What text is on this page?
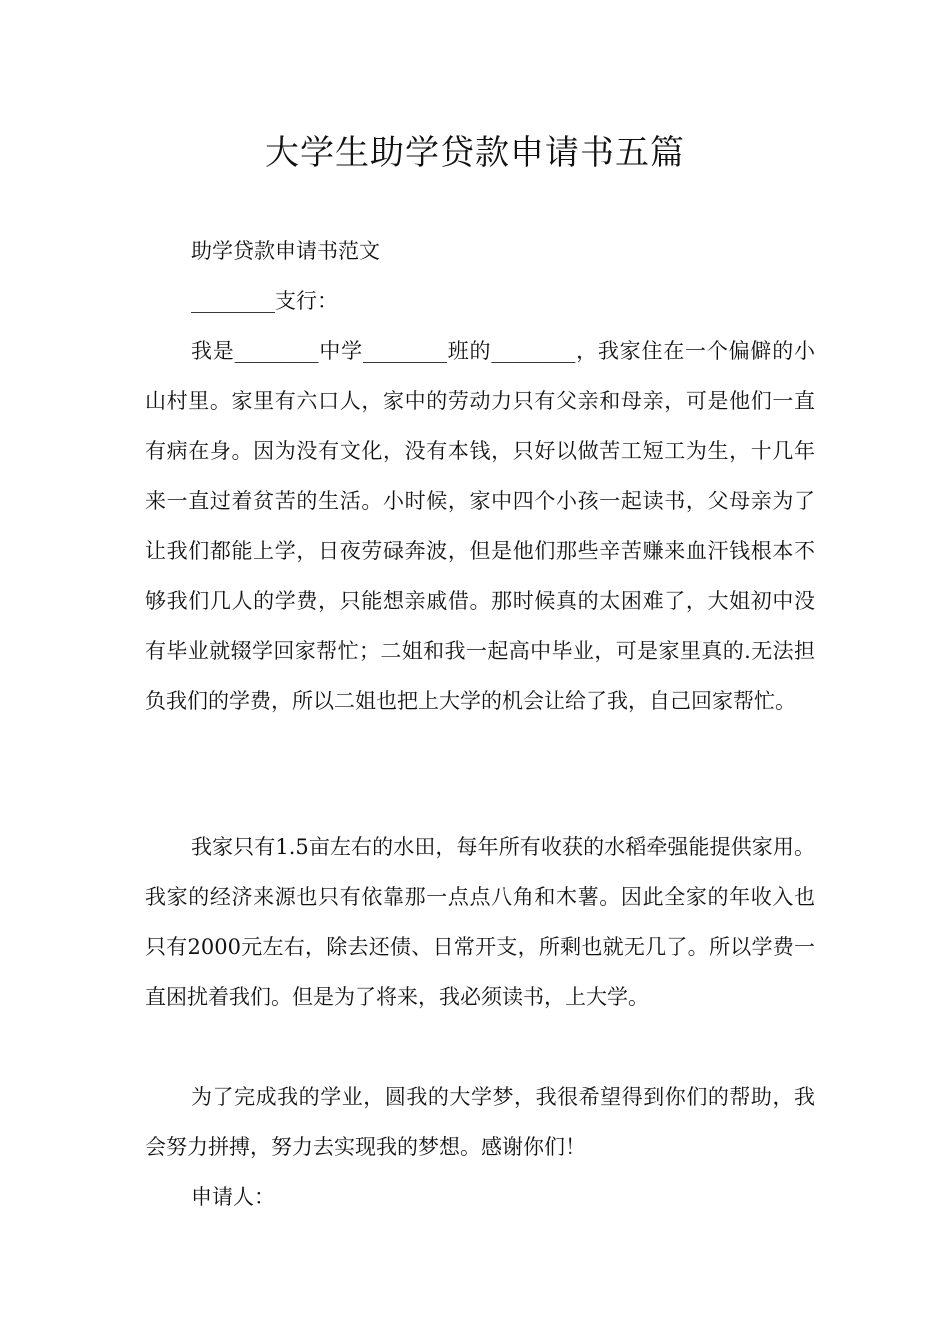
大学生助学贷款申请书五篇

助学贷款申请书范文

________支行：

我是________中学________班的________，我家住在一个偏僻的小山村里。家里有六口人，家中的劳动力只有父亲和母亲，可是他们一直有病在身。因为没有文化，没有本钱，只好以做苦工短工为生，十几年来一直过着贫苦的生活。小时候，家中四个小孩一起读书，父母亲为了让我们都能上学，日夜劳碌奔波，但是他们那些辛苦赚来血汗钱根本不够我们几人的学费，只能想亲戚借。那时候真的太困难了，大姐初中没有毕业就辍学回家帮忙；二姐和我一起高中毕业，可是家里真的.无法担负我们的学费，所以二姐也把上大学的机会让给了我，自己回家帮忙。

我家只有1.5亩左右的水田，每年所有收获的水稻牵强能提供家用。我家的经济来源也只有依靠那一点点八角和木薯。因此全家的年收入也只有2000元左右，除去还债、日常开支，所剩也就无几了。所以学费一直困扰着我们。但是为了将来，我必须读书，上大学。

为了完成我的学业，圆我的大学梦，我很希望得到你们的帮助，我会努力拼搏，努力去实现我的梦想。感谢你们！

申请人：
